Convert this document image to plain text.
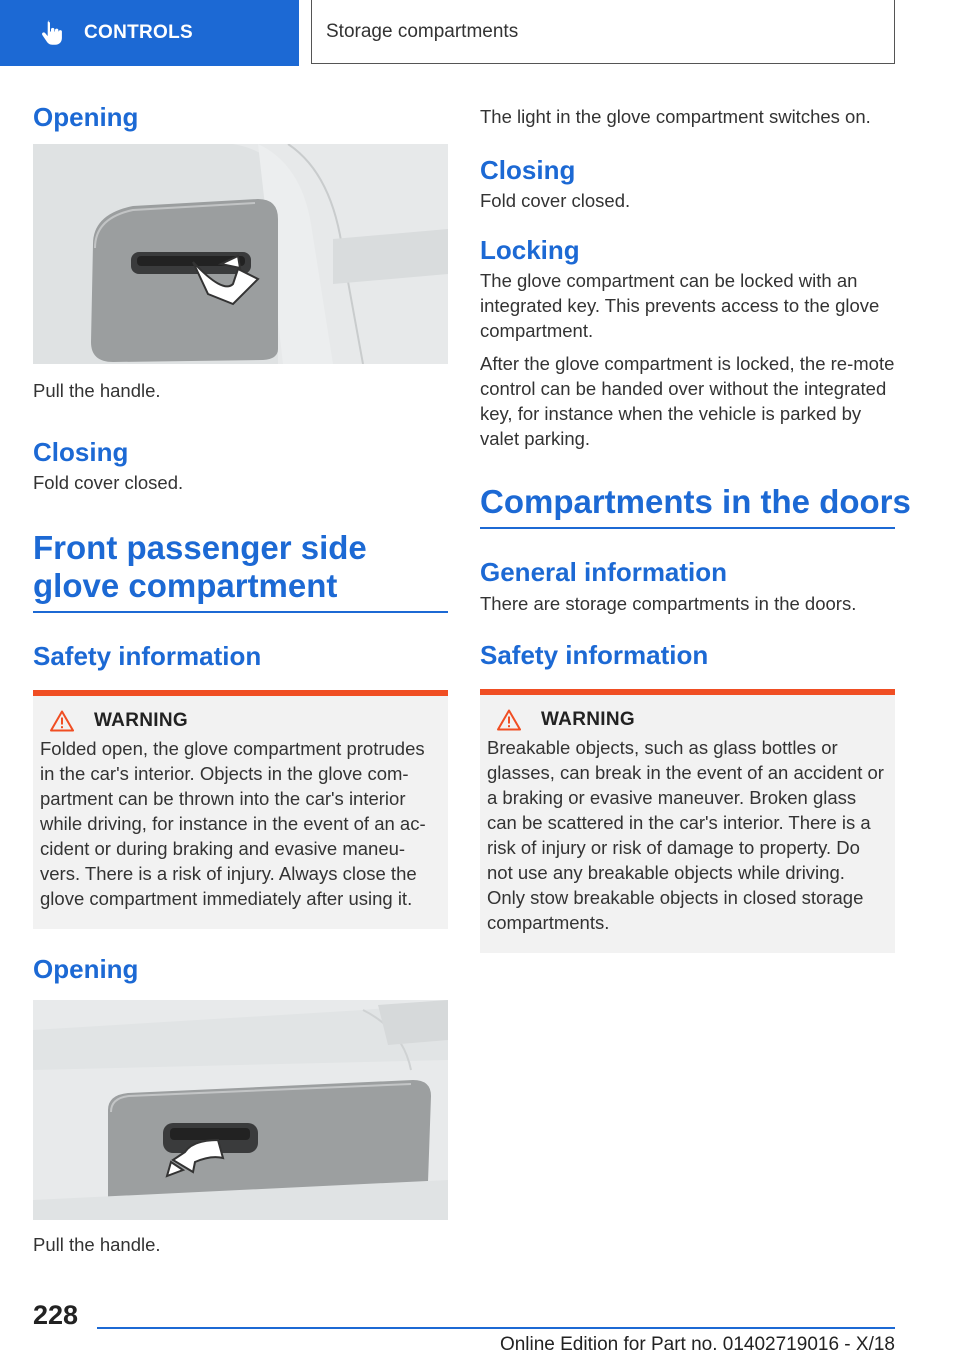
CONTROLS	Storage compartments
Opening

Pull the handle.

Closing

Fold cover closed.

Front passenger side glove compartment
Safety information
WARNING
Folded open, the glove compartment protrudes in the car's interior. Objects in the glove com‐partment can be thrown into the car's interior while driving, for instance in the event of an ac‐cident or during braking and evasive maneu‐vers. There is a risk of injury. Always close the glove compartment immediately after using it.
Opening

Pull the handle.

The light in the glove compartment switches on.

Closing

Fold cover closed.

Locking

The glove compartment can be locked with an integrated key. This prevents access to the glove compartment.

After the glove compartment is locked, the re‐mote control can be handed over without the integrated key, for instance when the vehicle is parked by valet parking.

Compartments in the doors
General information

There are storage compartments in the doors.

Safety information
WARNING
Breakable objects, such as glass bottles or glasses, can break in the event of an accident or a braking or evasive maneuver. Broken glass can be scattered in the car's interior. There is a risk of injury or risk of damage to property. Do not use any breakable objects while driving. Only stow breakable objects in closed storage compartments.
228
Online Edition for Part no. 01402719016 - X/18
